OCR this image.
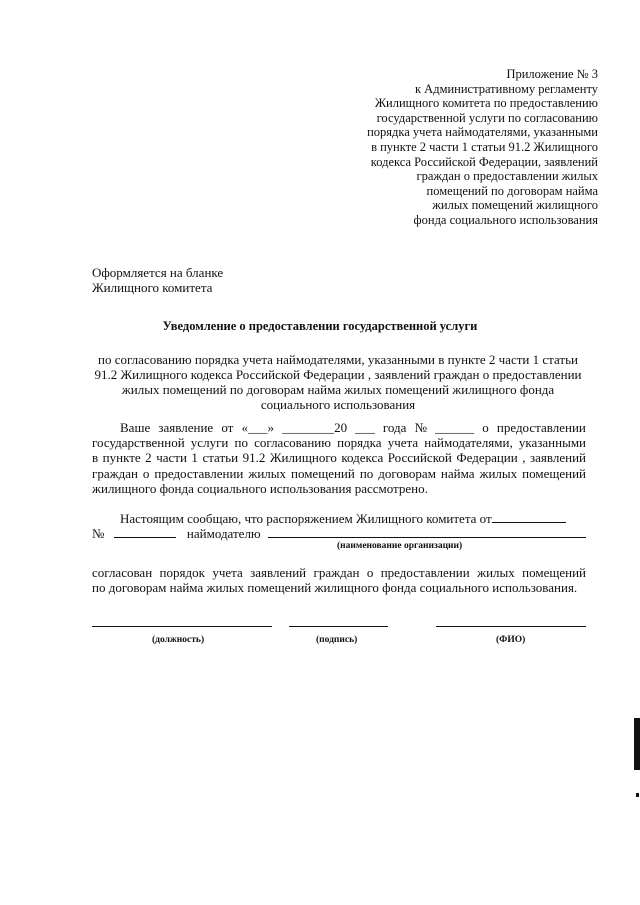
Приложение № 3
к Административному регламенту
Жилищного комитета по предоставлению
государственной услуги по согласованию
порядка учета наймодателями, указанными
в пункте 2 части 1 статьи 91.2 Жилищного
кодекса Российской Федерации, заявлений
граждан о предоставлении жилых
помещений по договорам найма
жилых помещений жилищного
фонда социального использования
Оформляется на бланке
Жилищного комитета
Уведомление о предоставлении государственной услуги
по согласованию порядка учета наймодателями, указанными в пункте 2 части 1 статьи
91.2 Жилищного кодекса Российской Федерации , заявлений граждан о предоставлении
жилых помещений по договорам найма жилых помещений жилищного фонда
социального использования
Ваше заявление от «___» ________20 ___ года № ______ о предоставлении
государственной услуги по согласованию порядка учета наймодателями, указанными
в пункте 2 части 1 статьи 91.2 Жилищного кодекса Российской Федерации , заявлений
граждан о предоставлении жилых помещений по договорам найма жилых помещений
жилищного фонда социального использования рассмотрено.
Настоящим сообщаю, что распоряжением Жилищного комитета от
№	наймодателю
(наименование организации)
согласован порядок учета заявлений граждан о предоставлении жилых помещений
по договорам найма жилых помещений жилищного фонда социального использования.
(должность)	(подпись)	(ФИО)
